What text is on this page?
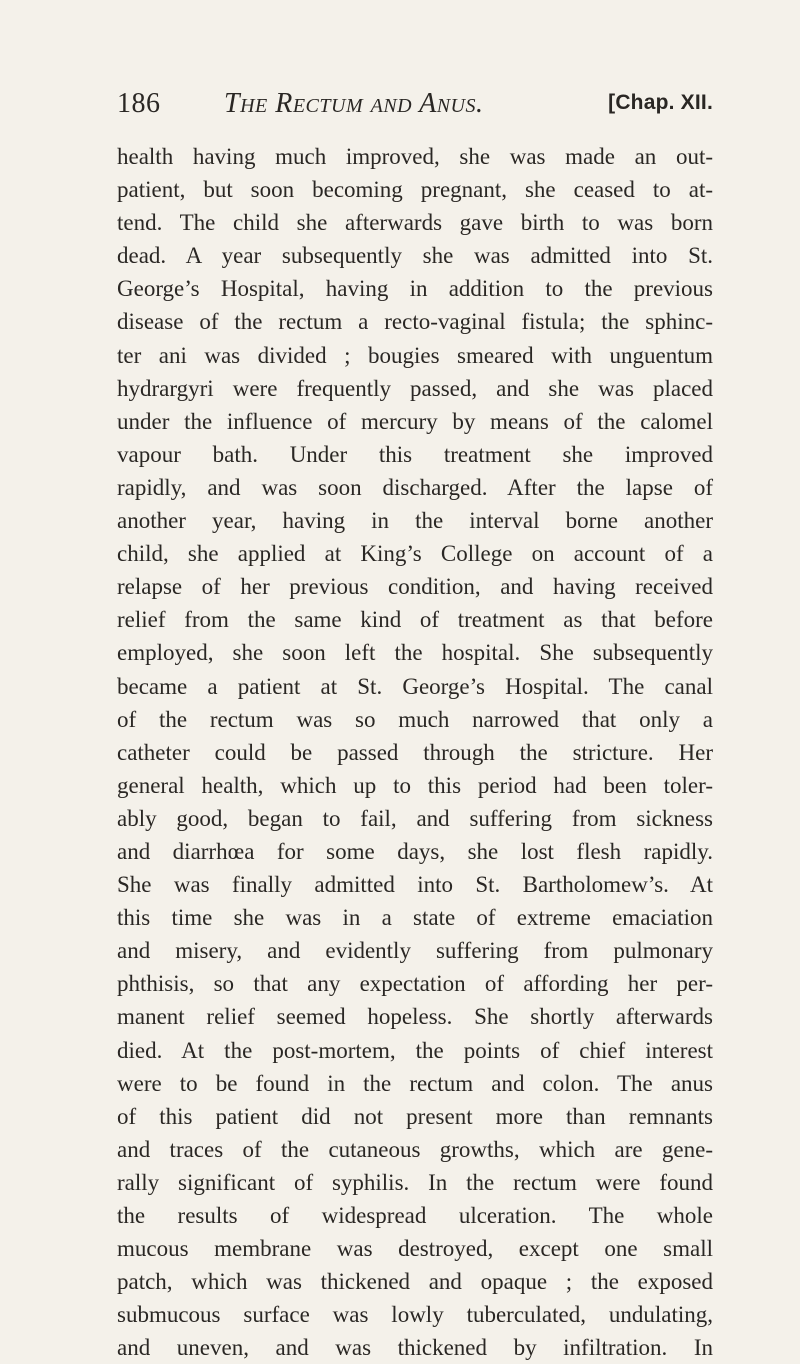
186 The Rectum and Anus.	[Chap. XII.
health having much improved, she was made an out-
patient, but soon becoming pregnant, she ceased to at-
tend. The child she afterwards gave birth to was born
dead. A year subsequently she was admitted into St.
George’s Hospital, having in addition to the previous
disease of the rectum a recto-vaginal fistula; the sphinc-
ter ani was divided ; bougies smeared with unguentum
hydrargyri were frequently passed, and she was placed
under the influence of mercury by means of the calomel
vapour bath. Under this treatment she improved
rapidly, and was soon discharged. After the lapse of
another year, having in the interval borne another
child, she applied at King’s College on account of a
relapse of her previous condition, and having received
relief from the same kind of treatment as that before
employed, she soon left the hospital. She subsequently
became a patient at St. George’s Hospital. The canal
of the rectum was so much narrowed that only a
catheter could be passed through the stricture. Her
general health, which up to this period had been toler-
ably good, began to fail, and suffering from sickness
and diarrhœa for some days, she lost flesh rapidly.
She was finally admitted into St. Bartholomew’s. At
this time she was in a state of extreme emaciation
and misery, and evidently suffering from pulmonary
phthisis, so that any expectation of affording her per-
manent relief seemed hopeless. She shortly afterwards
died. At the post-mortem, the points of chief interest
were to be found in the rectum and colon. The anus
of this patient did not present more than remnants
and traces of the cutaneous growths, which are gene-
rally significant of syphilis. In the rectum were found
the results of widespread ulceration. The whole
mucous membrane was destroyed, except one small
patch, which was thickened and opaque ; the exposed
submucous surface was lowly tuberculated, undulating,
and uneven, and was thickened by infiltration. In
